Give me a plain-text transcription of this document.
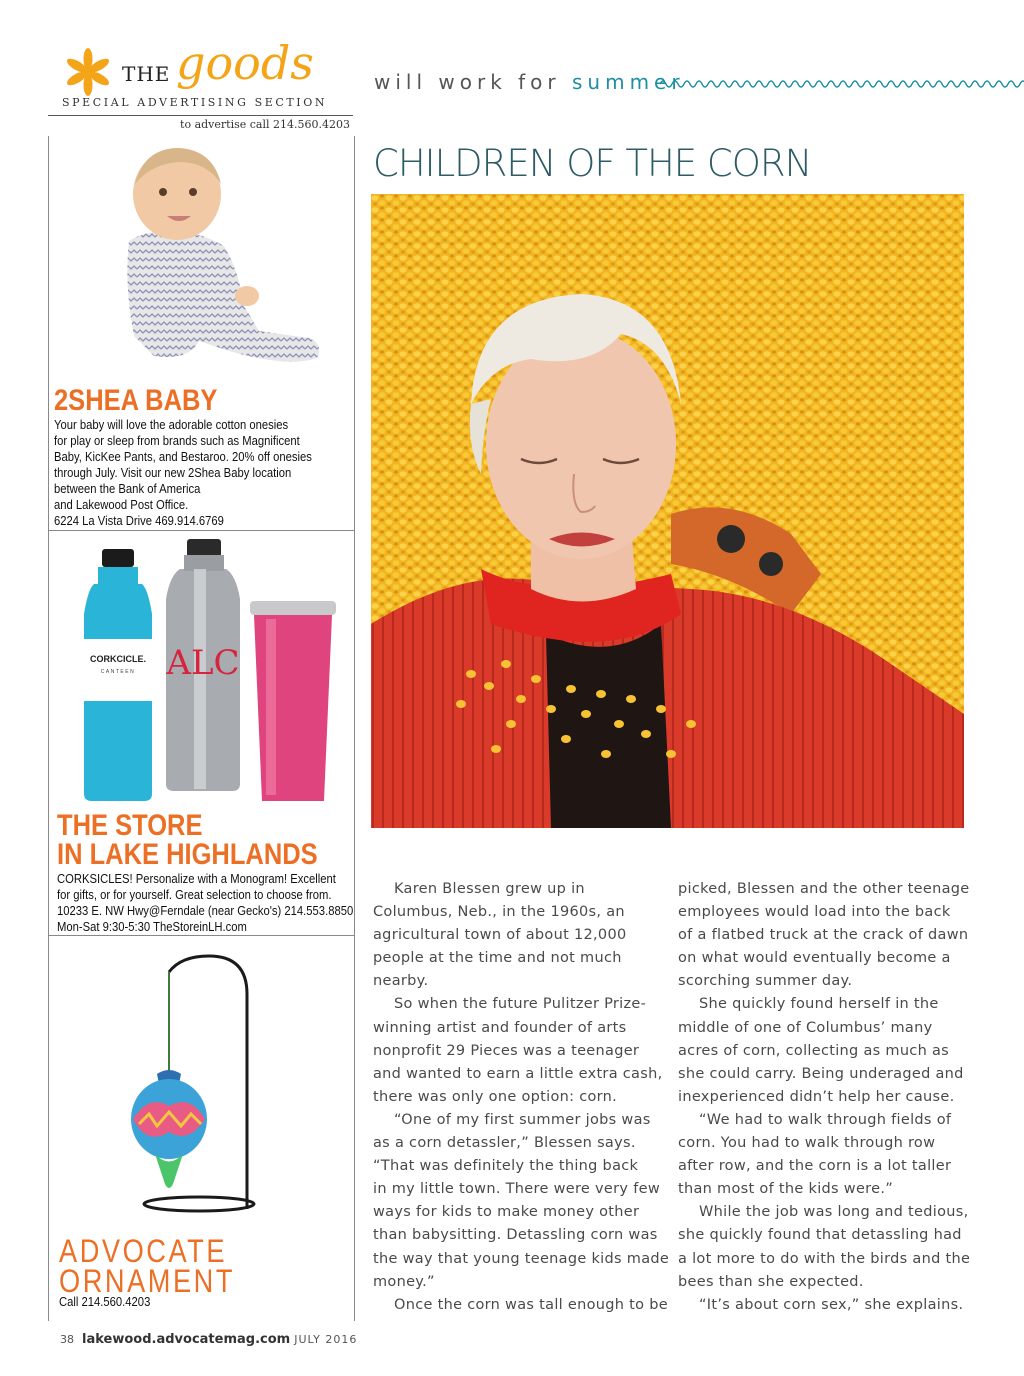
THE goods
SPECIAL ADVERTISING SECTION
to advertise call 214.560.4203
will work for summer
2SHEA BABY
Your baby will love the adorable cotton onesies
for play or sleep from brands such as Magnificent
Baby, KicKee Pants, and Bestaroo. 20% off onesies
through July. Visit our new 2Shea Baby location
between the Bank of America
and Lakewood Post Office.
6224 La Vista Drive 469.914.6769
CORKCICLE.
CANTEEN ALC
THE STORE
IN LAKE HIGHLANDS
CORKSICLES! Personalize with a Monogram! Excellent
for gifts, or for yourself. Great selection to choose from.
10233 E. NW Hwy@Ferndale (near Gecko's) 214.553.8850
Mon-Sat 9:30-5:30 TheStoreinLH.com
ADVOCATE
ORNAMENT
Call 214.560.4203
CHILDREN OF THE CORN
Karen Blessen grew up in
Columbus, Neb., in the 1960s, an
agricultural town of about 12,000
people at the time and not much
nearby.
So when the future Pulitzer Prize-
winning artist and founder of arts
nonprofit 29 Pieces was a teenager
and wanted to earn a little extra cash,
there was only one option: corn.
“One of my first summer jobs was
as a corn detassler,” Blessen says.
“That was definitely the thing back
in my little town. There were very few
ways for kids to make money other
than babysitting. Detassling corn was
the way that young teenage kids made
money.”
Once the corn was tall enough to be
picked, Blessen and the other teenage
employees would load into the back
of a flatbed truck at the crack of dawn
on what would eventually become a
scorching summer day.
She quickly found herself in the
middle of one of Columbus’ many
acres of corn, collecting as much as
she could carry. Being underaged and
inexperienced didn’t help her cause.
“We had to walk through fields of
corn. You had to walk through row
after row, and the corn is a lot taller
than most of the kids were.”
While the job was long and tedious,
she quickly found that detassling had
a lot more to do with the birds and the
bees than she expected.
“It’s about corn sex,” she explains.
38 lakewood.advocatemag.com JULY 2016
